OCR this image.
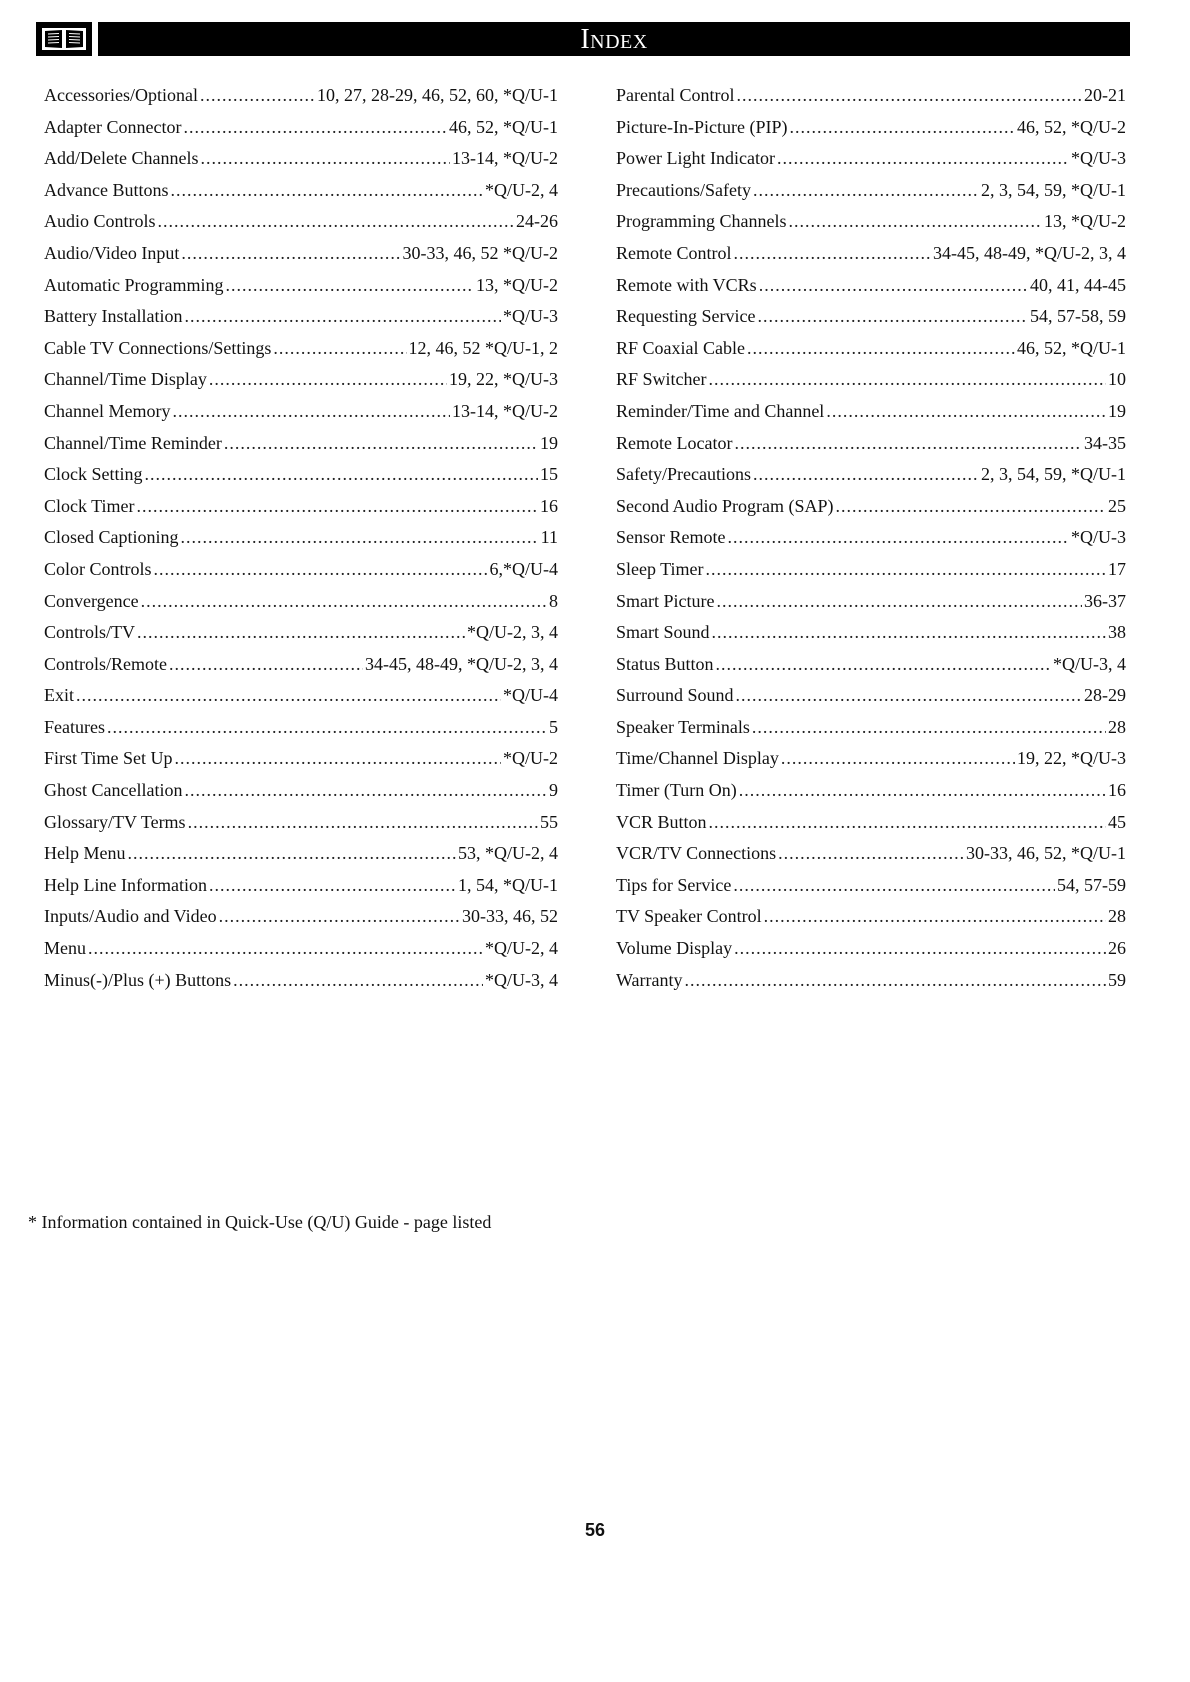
Index
Accessories/Optional .....	10, 27, 28-29, 46, 52, 60, *Q/U-1
Adapter Connector .....	46, 52, *Q/U-1
Add/Delete Channels .....	13-14, *Q/U-2
Advance Buttons .....	*Q/U-2, 4
Audio Controls .....	24-26
Audio/Video Input .....	30-33, 46, 52 *Q/U-2
Automatic Programming .....	13, *Q/U-2
Battery Installation .....	*Q/U-3
Cable TV Connections/Settings .....	12, 46, 52 *Q/U-1, 2
Channel/Time Display .....	19, 22, *Q/U-3
Channel Memory .....	13-14, *Q/U-2
Channel/Time Reminder .....	19
Clock Setting .....	15
Clock Timer .....	16
Closed Captioning .....	11
Color Controls .....	6,*Q/U-4
Convergence .....	8
Controls/TV .....	*Q/U-2, 3, 4
Controls/Remote .....	34-45, 48-49, *Q/U-2, 3, 4
Exit .....	*Q/U-4
Features .....	5
First Time Set Up .....	*Q/U-2
Ghost Cancellation .....	9
Glossary/TV Terms .....	55
Help Menu .....	53, *Q/U-2, 4
Help Line Information .....	1, 54, *Q/U-1
Inputs/Audio and Video .....	30-33, 46, 52
Menu .....	*Q/U-2, 4
Minus(-)/Plus (+) Buttons .....	*Q/U-3, 4
Parental Control .....	20-21
Picture-In-Picture (PIP) .....	46, 52, *Q/U-2
Power Light Indicator .....	*Q/U-3
Precautions/Safety .....	2, 3, 54, 59, *Q/U-1
Programming Channels .....	13, *Q/U-2
Remote Control .....	34-45, 48-49, *Q/U-2, 3, 4
Remote with VCRs .....	40, 41, 44-45
Requesting Service .....	54, 57-58, 59
RF Coaxial Cable .....	46, 52, *Q/U-1
RF Switcher .....	10
Reminder/Time and Channel .....	19
Remote Locator .....	34-35
Safety/Precautions .....	2, 3, 54, 59, *Q/U-1
Second Audio Program (SAP) .....	25
Sensor Remote .....	*Q/U-3
Sleep Timer .....	17
Smart Picture .....	36-37
Smart Sound .....	38
Status Button .....	*Q/U-3, 4
Surround Sound .....	28-29
Speaker Terminals .....	28
Time/Channel Display .....	19, 22, *Q/U-3
Timer (Turn On) .....	16
VCR Button .....	45
VCR/TV Connections .....	30-33, 46, 52, *Q/U-1
Tips for Service .....	54, 57-59
TV Speaker Control .....	28
Volume Display .....	26
Warranty .....	59
* Information contained in Quick-Use (Q/U) Guide - page listed
56
